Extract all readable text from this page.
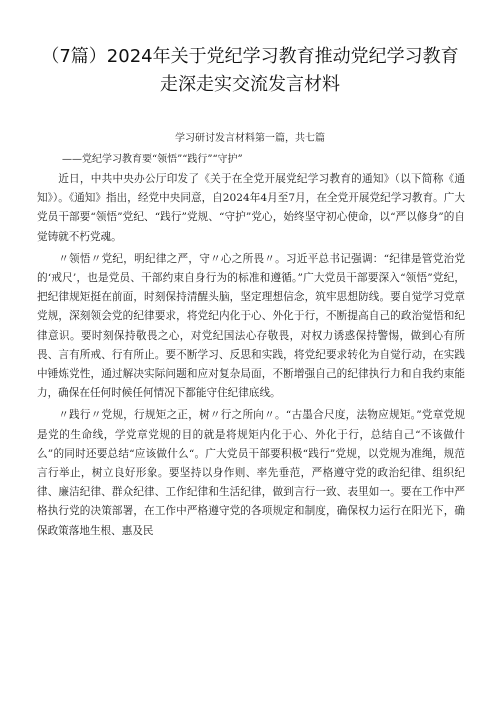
（7篇）2024年关于党纪学习教育推动党纪学习教育
走深走实交流发言材料
学习研讨发言材料第一篇，共七篇
——党纪学习教育要“领悟”“践行”“守护”

近日，中共中央办公厅印发了《关于在全党开展党纪学习教育的通知》（以下简称《通知》）。《通知》指出，经党中央同意，自2024年4月至7月，在全党开展党纪学习教育。广大党员干部要“领悟”党纪、“践行”党规、“守护”党心，始终坚守初心使命，以“严以修身”的自觉铸就不朽党魂。

〃领悟〃党纪，明纪律之严，守〃心之所畏〃。习近平总书记强调：“纪律是管党治党的‘戒尺’，也是党员、干部约束自身行为的标准和遵循。”广大党员干部要深入“领悟”党纪，把纪律规矩挺在前面，时刻保持清醒头脑，坚定理想信念，筑牢思想防线。要自觉学习党章党规，深刻领会党的纪律要求，将党纪内化于心、外化于行，不断提高自己的政治觉悟和纪律意识。要时刻保持敬畏之心，对党纪国法心存敬畏，对权力诱惑保持警惕，做到心有所畏、言有所戒、行有所止。要不断学习、反思和实践，将党纪要求转化为自觉行动，在实践中锤炼党性，通过解决实际问题和应对复杂局面，不断增强自己的纪律执行力和自我约束能力，确保在任何时候任何情况下都能守住纪律底线。

〃践行〃党规，行规矩之正，树〃行之所向〃。“古墨合尺度，法物应规矩。”党章党规是党的生命线，学党章党规的目的就是将规矩内化于心、外化于行，总结自己“不该做什么”的同时还要总结“应该做什么“。广大党员干部要积极“践行”党规，以党规为准绳，规范言行举止，树立良好形象。要坚持以身作则、率先垂范，严格遵守党的政治纪律、组织纪律、廉洁纪律、群众纪律、工作纪律和生活纪律，做到言行一致、表里如一。要在工作中严格执行党的决策部署，在工作中严格遵守党的各项规定和制度，确保权力运行在阳光下，确保政策落地生根、惠及民
